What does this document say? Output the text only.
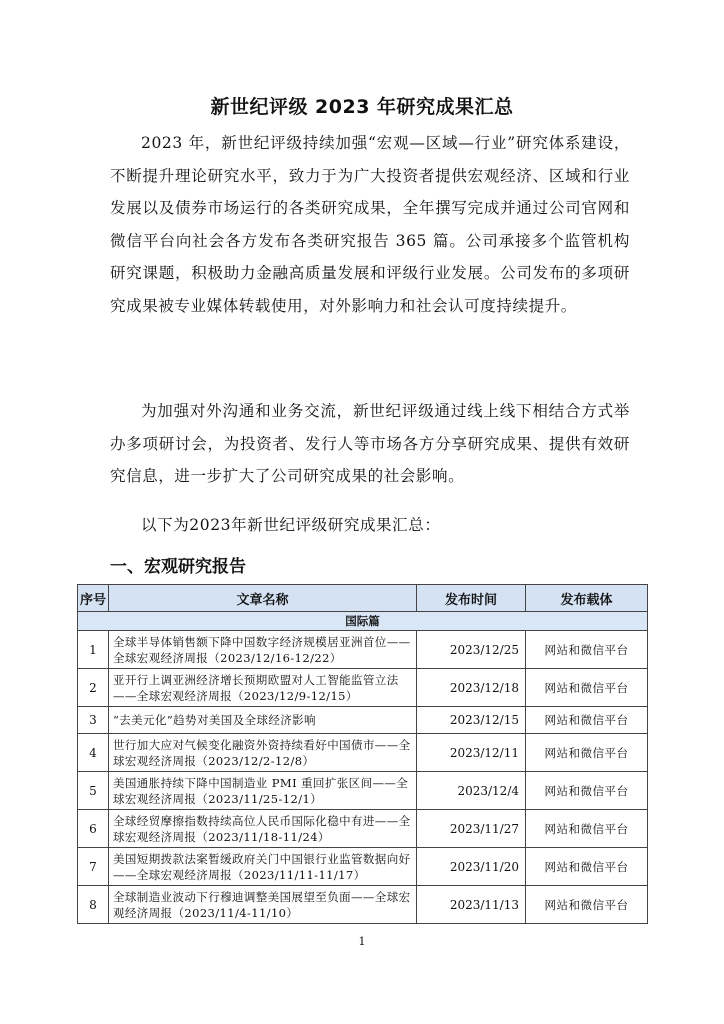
新世纪评级 2023 年研究成果汇总

2023 年，新世纪评级持续加强“宏观—区域—行业”研究体系建设，不断提升理论研究水平，致力于为广大投资者提供宏观经济、区域和行业发展以及债券市场运行的各类研究成果，全年撰写完成并通过公司官网和微信平台向社会各方发布各类研究报告 365 篇。公司承接多个监管机构研究课题，积极助力金融高质量发展和评级行业发展。公司发布的多项研究成果被专业媒体转载使用，对外影响力和社会认可度持续提升。

为加强对外沟通和业务交流，新世纪评级通过线上线下相结合方式举办多项研讨会，为投资者、发行人等市场各方分享研究成果、提供有效研究信息，进一步扩大了公司研究成果的社会影响。

以下为2023年新世纪评级研究成果汇总：

一、宏观研究报告
序号	文章名称	发布时间	发布载体
国际篇			
1	全球半导体销售额下降中国数字经济规模居亚洲首位——全球宏观经济周报（2023/12/16-12/22）	2023/12/25	网站和微信平台
2	亚开行上调亚洲经济增长预期欧盟对人工智能监管立法——全球宏观经济周报（2023/12/9-12/15）	2023/12/18	网站和微信平台
3	“去美元化”趋势对美国及全球经济影响	2023/12/15	网站和微信平台
4	世行加大应对气候变化融资外资持续看好中国债市——全球宏观经济周报（2023/12/2-12/8）	2023/12/11	网站和微信平台
5	美国通胀持续下降中国制造业 PMI 重回扩张区间——全球宏观经济周报（2023/11/25-12/1）	2023/12/4	网站和微信平台
6	全球经贸摩擦指数持续高位人民币国际化稳中有进——全球宏观经济周报（2023/11/18-11/24）	2023/11/27	网站和微信平台
7	美国短期拨款法案暂缓政府关门中国银行业监管数据向好——全球宏观经济周报（2023/11/11-11/17）	2023/11/20	网站和微信平台
8	全球制造业波动下行穆迪调整美国展望至负面——全球宏观经济周报（2023/11/4-11/10）	2023/11/13	网站和微信平台
1
